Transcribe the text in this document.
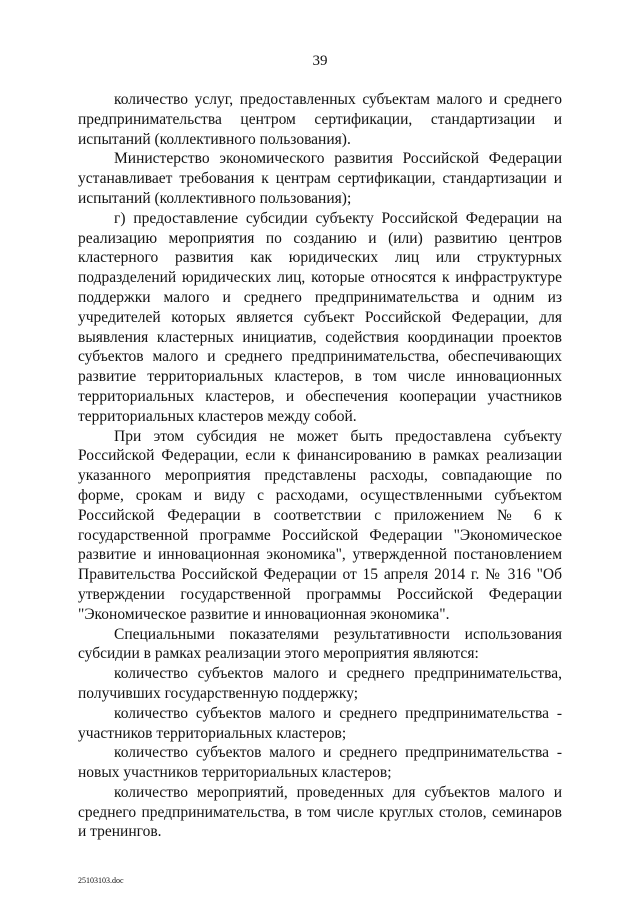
39

количество услуг, предоставленных субъектам малого и среднего предпринимательства центром сертификации, стандартизации и испытаний (коллективного пользования).

Министерство экономического развития Российской Федерации устанавливает требования к центрам сертификации, стандартизации и испытаний (коллективного пользования);

г) предоставление субсидии субъекту Российской Федерации на реализацию мероприятия по созданию и (или) развитию центров кластерного развития как юридических лиц или структурных подразделений юридических лиц, которые относятся к инфраструктуре поддержки малого и среднего предпринимательства и одним из учредителей которых является субъект Российской Федерации, для выявления кластерных инициатив, содействия координации проектов субъектов малого и среднего предпринимательства, обеспечивающих развитие территориальных кластеров, в том числе инновационных территориальных кластеров, и обеспечения кооперации участников территориальных кластеров между собой.

При этом субсидия не может быть предоставлена субъекту Российской Федерации, если к финансированию в рамках реализации указанного мероприятия представлены расходы, совпадающие по форме, срокам и виду с расходами, осуществленными субъектом Российской Федерации в соответствии с приложением № 6 к государственной программе Российской Федерации "Экономическое развитие и инновационная экономика", утвержденной постановлением Правительства Российской Федерации от 15 апреля 2014 г. № 316 "Об утверждении государственной программы Российской Федерации "Экономическое развитие и инновационная экономика".

Специальными показателями результативности использования субсидии в рамках реализации этого мероприятия являются:

количество субъектов малого и среднего предпринимательства, получивших государственную поддержку;

количество субъектов малого и среднего предпринимательства - участников территориальных кластеров;

количество субъектов малого и среднего предпринимательства - новых участников территориальных кластеров;

количество мероприятий, проведенных для субъектов малого и среднего предпринимательства, в том числе круглых столов, семинаров и тренингов.

25103103.doc
